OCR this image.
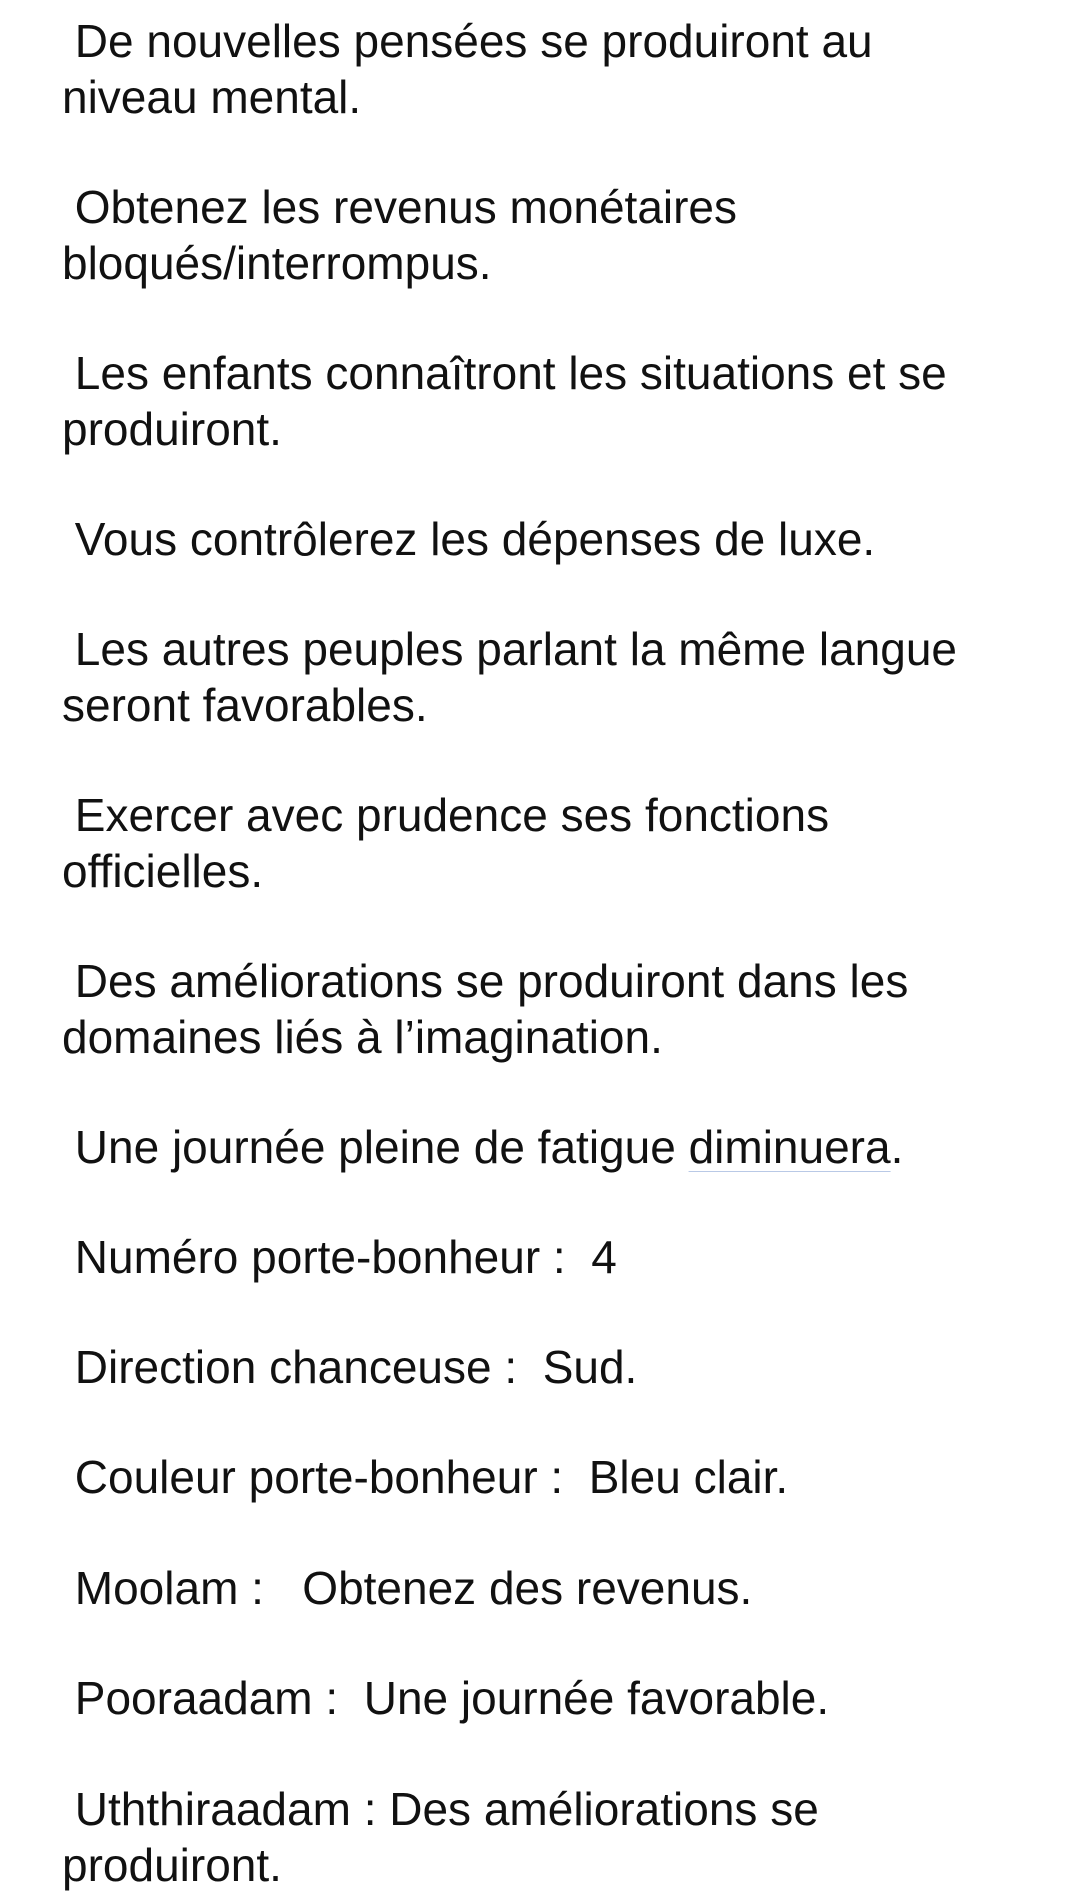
De nouvelles pensées se produiront au
niveau mental.

Obtenez les revenus monétaires
bloqués/interrompus.

Les enfants connaîtront les situations et se
produiront.

Vous contrôlerez les dépenses de luxe.

Les autres peuples parlant la même langue
seront favorables.

Exercer avec prudence ses fonctions
officielles.

Des améliorations se produiront dans les
domaines liés à l’imagination.

Une journée pleine de fatigue diminuera.

Numéro porte-bonheur :  4

Direction chanceuse :  Sud.

Couleur porte-bonheur :  Bleu clair.

Moolam :   Obtenez des revenus.

Pooraadam :  Une journée favorable.

Uththiraadam : Des améliorations se
produiront.
